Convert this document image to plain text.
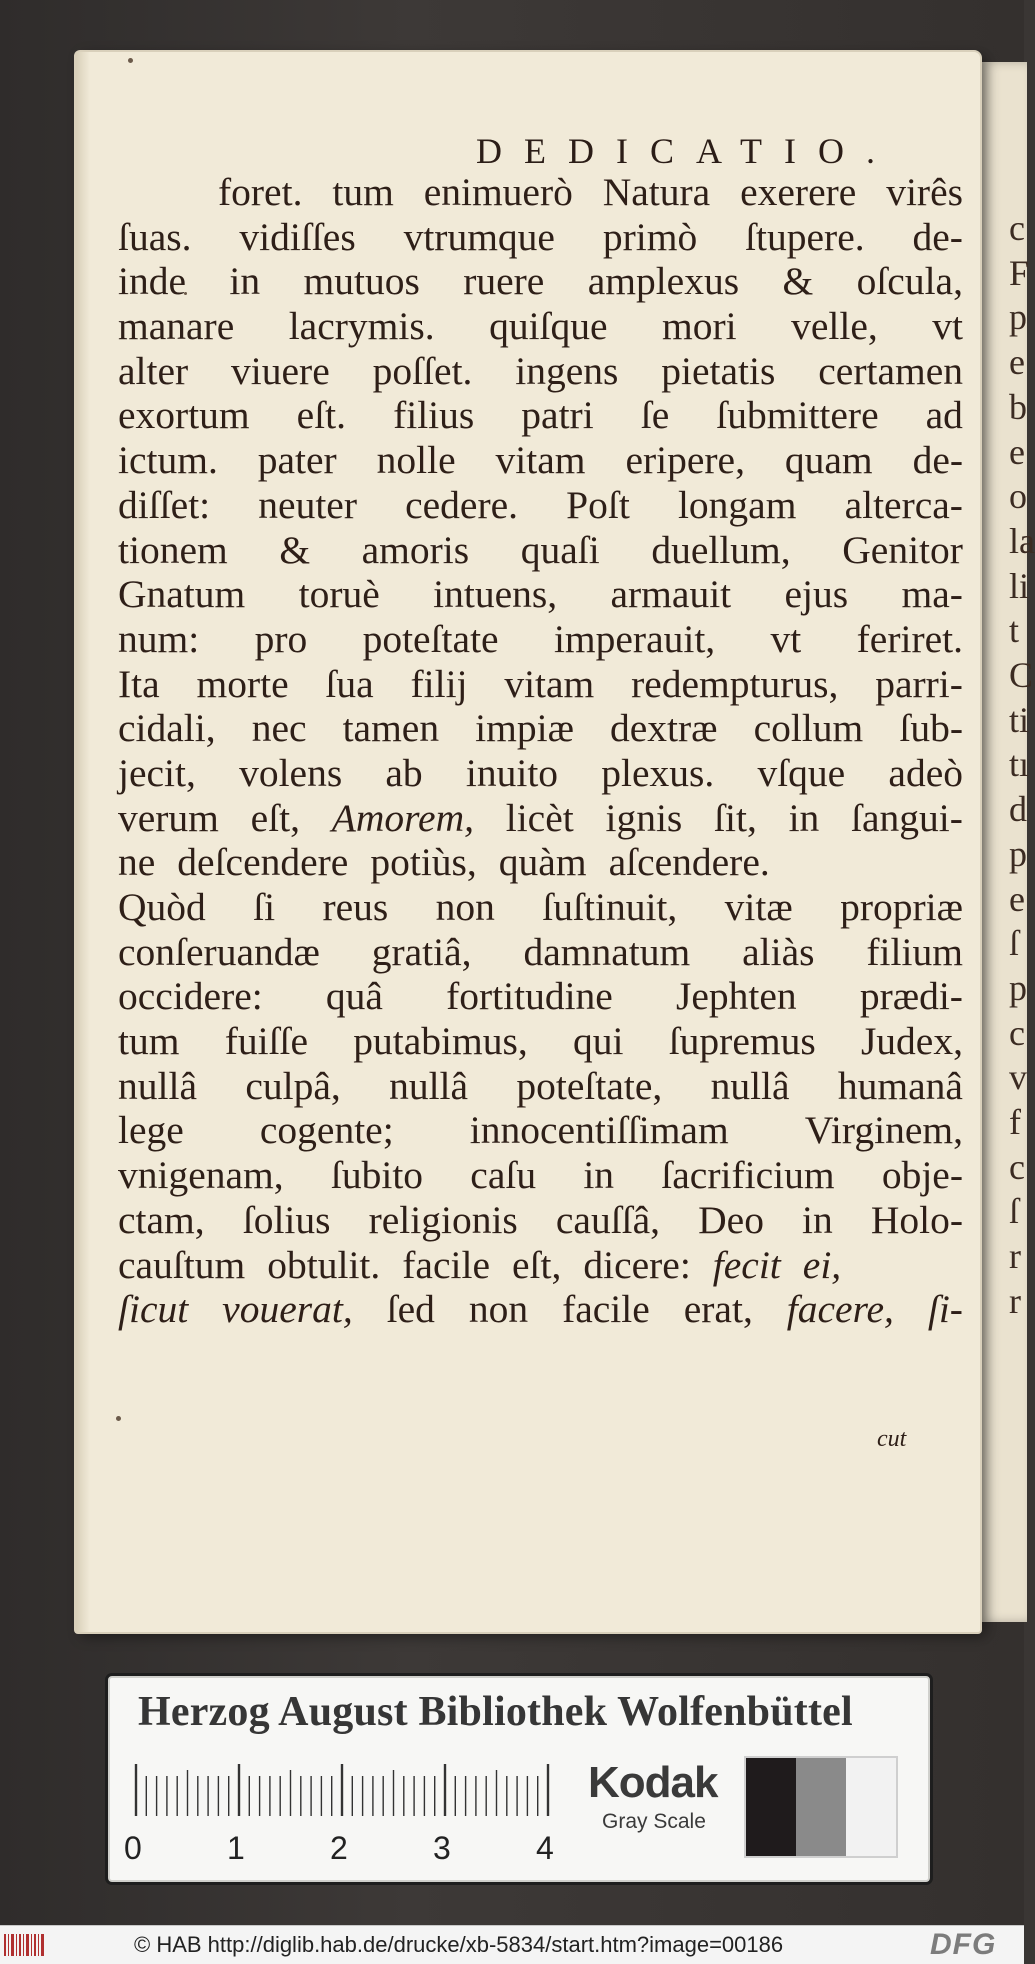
c
F
p
e
b
e
o
la
li
t
C
ti
tı
d
p
e
ſ
p
c
v
f
c
ſ
r
r
DEDICATIO.
foret. tum enimuerò Natura exerere virês
ſuas. vidiſſes vtrumque primò ſtupere. de-
inde in mutuos ruere amplexus & oſcula,
manare lacrymis. quiſque mori velle, vt
alter viuere poſſet. ingens pietatis certamen
exortum eſt. filius patri ſe ſubmittere ad
ictum. pater nolle vitam eripere, quam de-
diſſet: neuter cedere. Poſt longam alterca-
tionem & amoris quaſi duellum, Genitor
Gnatum toruè intuens, armauit ejus ma-
num: pro poteſtate imperauit, vt feriret.
Ita morte ſua filij vitam redempturus, parri-
cidali, nec tamen impiæ dextræ collum ſub-
jecit, volens ab inuito plexus. vſque adeò
verum eſt, Amorem, licèt ignis ſit, in ſangui-
ne deſcendere potiùs, quàm aſcendere.
Quòd ſi reus non ſuſtinuit, vitæ propriæ
conſeruandæ gratiâ, damnatum aliàs filium
occidere: quâ fortitudine Jephten prædi-
tum fuiſſe putabimus, qui ſupremus Judex,
nullâ culpâ, nullâ poteſtate, nullâ humanâ
lege cogente; innocentiſſimam Virginem,
vnigenam, ſubito caſu in ſacrificium obje-
ctam, ſolius religionis cauſſâ, Deo in Holo-
cauſtum obtulit. facile eſt, dicere: fecit ei,
ſicut vouerat, ſed non facile erat, facere, ſi-
cut
Herzog August Bibliothek Wolfenbüttel
0	1	2	3	4
Kodak
Gray Scale
© HAB http://diglib.hab.de/drucke/xb-5834/start.htm?image=00186	DFG
